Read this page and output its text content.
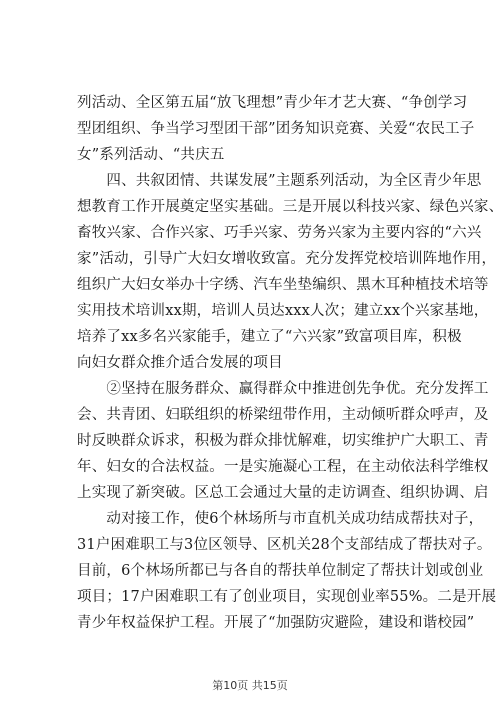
列活动、全区第五届“放飞理想”青少年才艺大赛、“争创学习
型团组织、争当学习型团干部”团务知识竞赛、关爱“农民工子
女”系列活动、“共庆五
　　四、共叙团情、共谋发展”主题系列活动，为全区青少年思
想教育工作开展奠定坚实基础。三是开展以科技兴家、绿色兴家、
畜牧兴家、合作兴家、巧手兴家、劳务兴家为主要内容的“六兴
家”活动，引导广大妇女增收致富。充分发挥党校培训阵地作用，
组织广大妇女举办十字绣、汽车坐垫编织、黑木耳种植技术培等
实用技术培训xx期，培训人员达xxx人次；建立xx个兴家基地，
培养了xx多名兴家能手，建立了“六兴家”致富项目库，积极
向妇女群众推介适合发展的项目
　　②坚持在服务群众、赢得群众中推进创先争优。充分发挥工
会、共青团、妇联组织的桥梁纽带作用，主动倾听群众呼声，及
时反映群众诉求，积极为群众排忧解难，切实维护广大职工、青
年、妇女的合法权益。一是实施凝心工程，在主动依法科学维权
上实现了新突破。区总工会通过大量的走访调查、组织协调、启
　　动对接工作，使6个林场所与市直机关成功结成帮扶对子，
31户困难职工与3位区领导、区机关28个支部结成了帮扶对子。
目前，6个林场所都已与各自的帮扶单位制定了帮扶计划或创业
项目；17户困难职工有了创业项目，实现创业率55%。二是开展
青少年权益保护工程。开展了“加强防灾避险，建设和谐校园”
第10页 共15页
